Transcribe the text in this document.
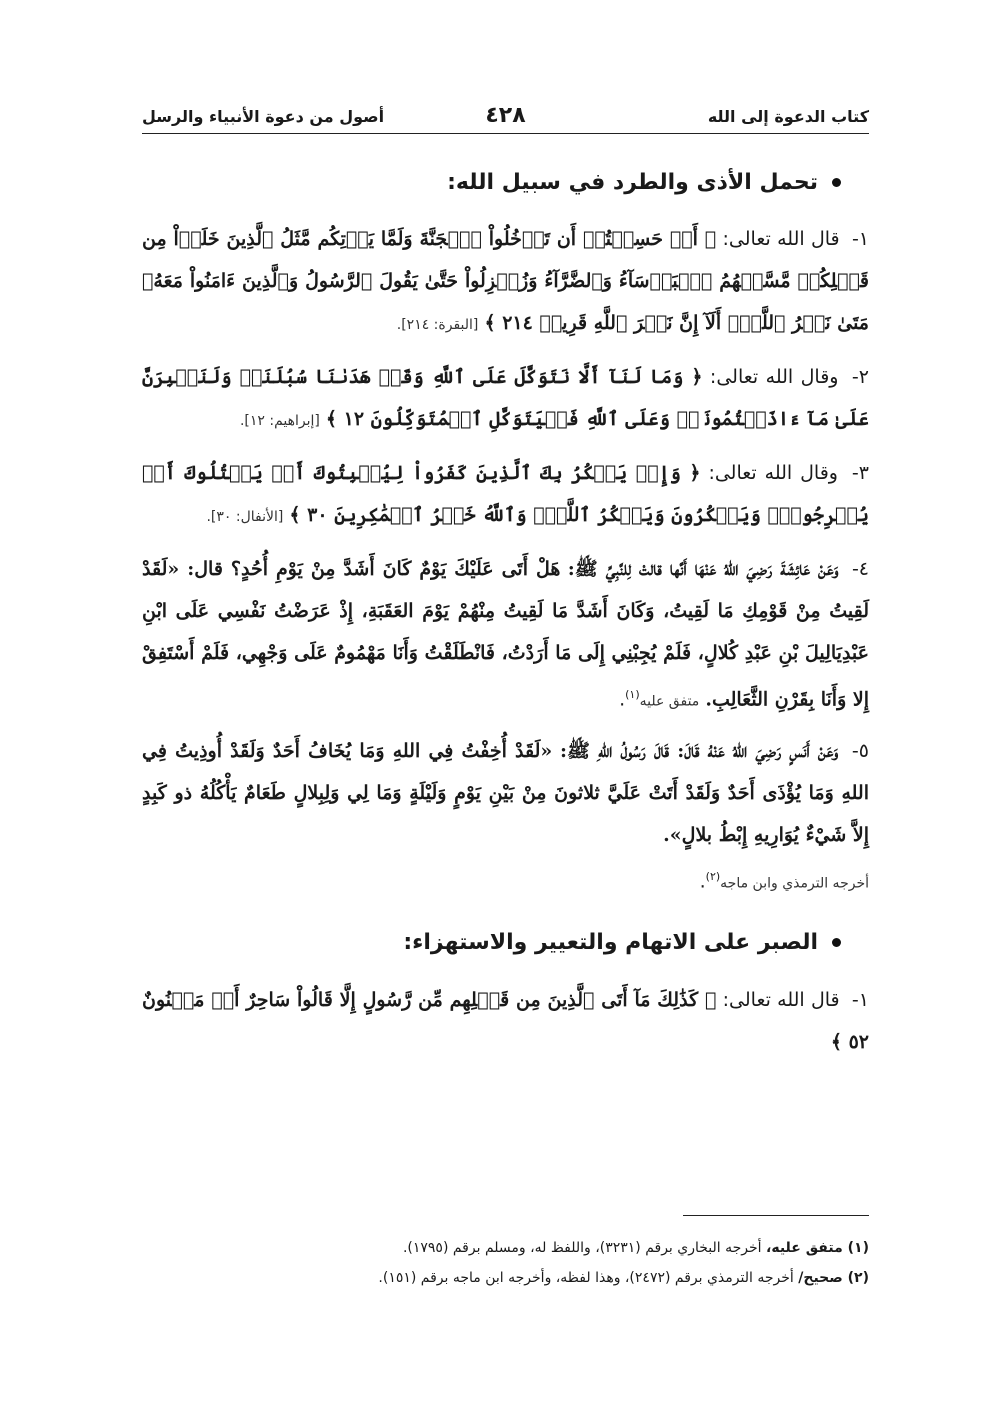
كتاب الدعوة إلى الله
٤٢٨
أصول من دعوة الأنبياء والرسل
تحمل الأذى والطرد في سبيل الله:
١- قال الله تعالى: ﴿ أَمۡ حَسِبۡتُمۡ أَن تَدۡخُلُواْ ٱلۡجَنَّةَ وَلَمَّا يَأۡتِكُم مَّثَلُ ٱلَّذِينَ خَلَوۡاْ مِن قَبۡلِكُمۖ مَّسَّتۡهُمُ ٱلۡبَأۡسَآءُ وَٱلضَّرَّآءُ وَزُلۡزِلُواْ حَتَّىٰ يَقُولَ ٱلرَّسُولُ وَٱلَّذِينَ ءَامَنُواْ مَعَهُۥ مَتَىٰ نَصۡرُ ٱللَّهِۗ أَلَآ إِنَّ نَصۡرَ ٱللَّهِ قَرِيبٞ ٢١٤ ﴾ [البقرة: ٢١٤].
٢- وقال الله تعالى: ﴿ وَمَا لَنَآ أَلَّا نَتَوَكَّلَ عَلَى ٱللَّهِ وَقَدۡ هَدَىٰنَا سُبُلَنَاۚ وَلَنَصۡبِرَنَّ عَلَىٰ مَآ ءَاذَيۡتُمُونَاۚ وَعَلَى ٱللَّهِ فَلۡيَتَوَكَّلِ ٱلۡمُتَوَكِّلُونَ ١٢ ﴾ [إبراهيم: ١٢].
٣- وقال الله تعالى: ﴿ وَإِذۡ يَمۡكُرُ بِكَ ٱلَّذِينَ كَفَرُواْ لِيُثۡبِتُوكَ أَوۡ يَقۡتُلُوكَ أَوۡ يُخۡرِجُوكَۚ وَيَمۡكُرُونَ وَيَمۡكُرُ ٱللَّهُۖ وَٱللَّهُ خَيۡرُ ٱلۡمَٰكِرِينَ ٣٠ ﴾ [الأنفال: ٣٠].
٤- وَعَنْ عَائِشَةَ رَضِيَ اللهُ عَنْهَا أَنَّها قالتْ لِلنَّبِيِّ ﷺ: هَلْ أَتَى عَلَيْكَ يَوْمٌ كَانَ أَشَدَّ مِنْ يَوْمِ أُحُدٍ؟ قال: «لَقَدْ لَقِيتُ مِنْ قَوْمِكِ مَا لَقِيتُ، وَكَانَ أَشَدَّ مَا لَقِيتُ مِنْهُمْ يَوْمَ العَقَبَةِ، إِذْ عَرَضْتُ نَفْسِي عَلَى ابْنِ عَبْدِيَالِيلَ بْنِ عَبْدِ كُلالٍ، فَلَمْ يُجِبْنِي إِلَى مَا أَرَدْتُ، فَانْطَلَقْتُ وَأَنَا مَهْمُومٌ عَلَى وَجْهِي، فَلَمْ أَسْتَفِقْ إِلا وَأَنَا بِقَرْنِ الثَّعَالِبِ. متفق عليه$^{(١)}$.
٥- وَعَنْ أَنَسٍ رَضِيَ اللهُ عَنْهُ قَالَ: قَالَ رَسُولُ اللهِ ﷺ: «لَقَدْ أُخِفْتُ فِي اللهِ وَمَا يُخَافُ أَحَدٌ وَلَقَدْ أُوذِيتُ فِي اللهِ وَمَا يُؤْذَى أَحَدٌ وَلَقَدْ أَتَتْ عَلَيَّ ثلاثونَ مِنْ بَيْنِ يَوْمٍ وَلَيْلَةٍ وَمَا لِي وَلِبِلالٍ طَعَامٌ يَأْكُلُهُ ذو كَبِدٍ إِلاَّ شَيْءٌ يُوَارِيهِ إِبْطُ بلالٍ».
أخرجه الترمذي وابن ماجه$^{(٢)}$.
الصبر على الاتهام والتعيير والاستهزاء:
١- قال الله تعالى: ﴿ كَذَٰلِكَ مَآ أَتَى ٱلَّذِينَ مِن قَبۡلِهِم مِّن رَّسُولٍ إِلَّا قَالُواْ سَاحِرٌ أَوۡ مَجۡنُونٌ ٥٢ ﴾
(١) متفق عليه، أخرجه البخاري برقم (٣٢٣١)، واللفظ له، ومسلم برقم (١٧٩٥).
(٢) صحيح/ أخرجه الترمذي برقم (٢٤٧٢)، وهذا لفظه، وأخرجه ابن ماجه برقم (١٥١).
